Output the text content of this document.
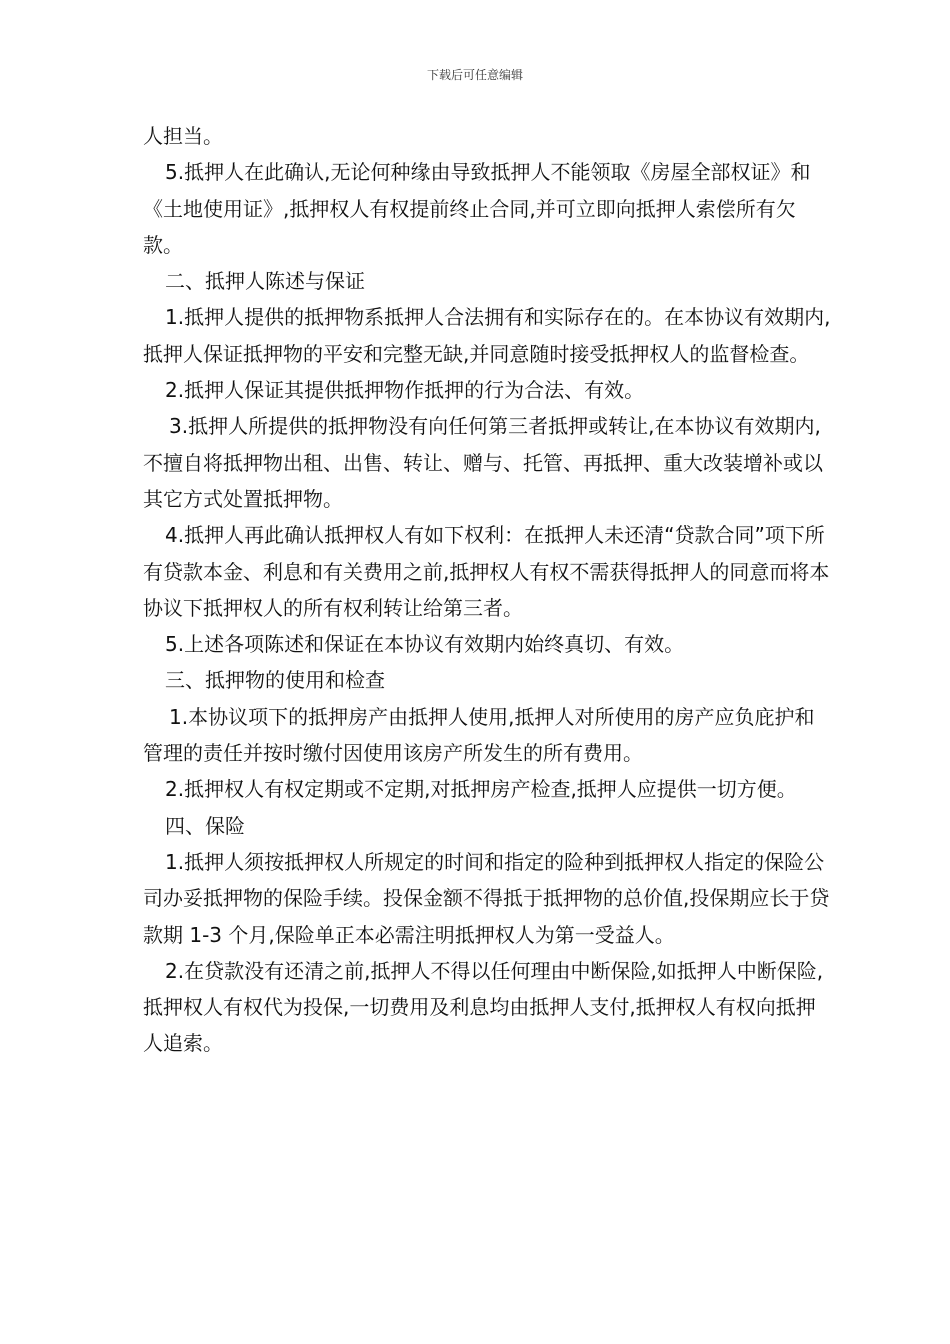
下载后可任意编辑

人担当。

5.抵押人在此确认,无论何种缘由导致抵押人不能领取《房屋全部权证》和《土地使用证》,抵押权人有权提前终止合同,并可立即向抵押人索偿所有欠款。

二、抵押人陈述与保证

1.抵押人提供的抵押物系抵押人合法拥有和实际存在的。在本协议有效期内,抵押人保证抵押物的平安和完整无缺,并同意随时接受抵押权人的监督检查。

2.抵押人保证其提供抵押物作抵押的行为合法、有效。

3.抵押人所提供的抵押物没有向任何第三者抵押或转让,在本协议有效期内,不擅自将抵押物出租、出售、转让、赠与、托管、再抵押、重大改装增补或以其它方式处置抵押物。

4.抵押人再此确认抵押权人有如下权利：在抵押人未还清“贷款合同”项下所有贷款本金、利息和有关费用之前,抵押权人有权不需获得抵押人的同意而将本协议下抵押权人的所有权利转让给第三者。

5.上述各项陈述和保证在本协议有效期内始终真切、有效。

三、抵押物的使用和检查

1.本协议项下的抵押房产由抵押人使用,抵押人对所使用的房产应负庇护和管理的责任并按时缴付因使用该房产所发生的所有费用。

2.抵押权人有权定期或不定期,对抵押房产检查,抵押人应提供一切方便。

四、保险

1.抵押人须按抵押权人所规定的时间和指定的险种到抵押权人指定的保险公司办妥抵押物的保险手续。投保金额不得抵于抵押物的总价值,投保期应长于贷款期 1-3 个月,保险单正本必需注明抵押权人为第一受益人。

2.在贷款没有还清之前,抵押人不得以任何理由中断保险,如抵押人中断保险,抵押权人有权代为投保,一切费用及利息均由抵押人支付,抵押权人有权向抵押人追索。
